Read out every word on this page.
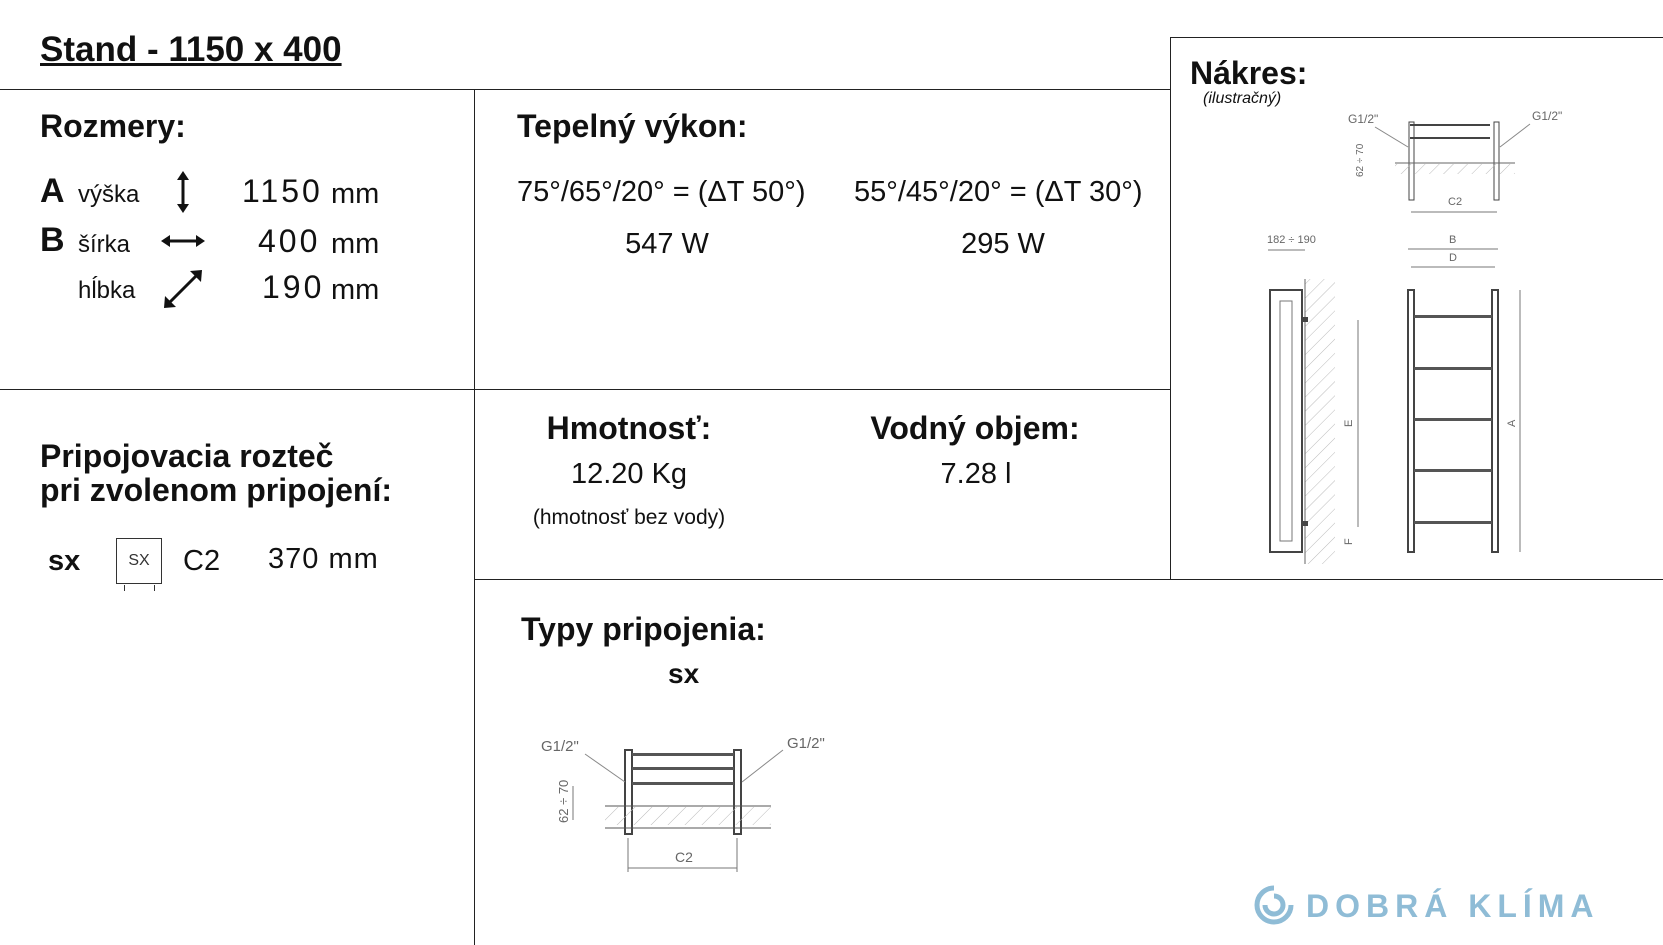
Stand - 1150 x 400
Rozmery:
A výška	1150 mm
B šírka	400 mm
hĺbka	190 mm
Tepelný výkon:
75°/65°/20° = (ΔT 50°)
547 W
55°/45°/20° = (ΔT 30°)
295 W
Nákres:
(ilustračný)
G1/2"	G1/2"
C2
62 ÷ 70
182 ÷ 190
E
F
B
D
A
Pripojovacia rozteč
pri zvolenom pripojení:
sx	SX	C2 370 mm
Hmotnosť:
12.20 Kg
(hmotnosť bez vody)
Vodný objem:
7.28 l
Typy pripojenia:
sx
G1/2"	G1/2"
62 ÷ 70
C2
DOBRÁ KLÍMA
